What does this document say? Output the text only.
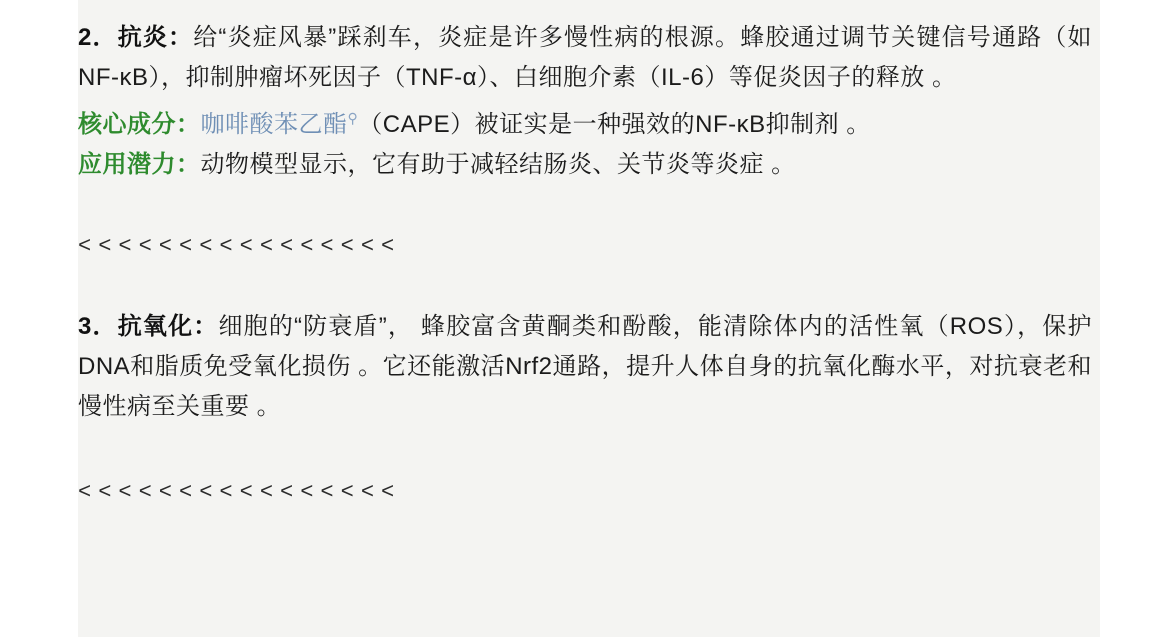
2．抗炎：给“炎症风暴”踩刹车，炎症是许多慢性病的根源。蜂胶通过调节关键信号通路（如NF-κB），抑制肿瘤坏死因子（TNF-α）、白细胞介素（IL-6）等促炎因子的释放 。

核心成分：咖啡酸苯乙酯⚲（CAPE）被证实是一种强效的NF-κB抑制剂 。

应用潜力：动物模型显示，它有助于减轻结肠炎、关节炎等炎症 。

<<<<<<<<<<<<<<<<

3．抗氧化：细胞的“防衰盾”， 蜂胶富含黄酮类和酚酸，能清除体内的活性氧（ROS），保护DNA和脂质免受氧化损伤 。它还能激活Nrf2通路，提升人体自身的抗氧化酶水平，对抗衰老和慢性病至关重要 。

<<<<<<<<<<<<<<<<
